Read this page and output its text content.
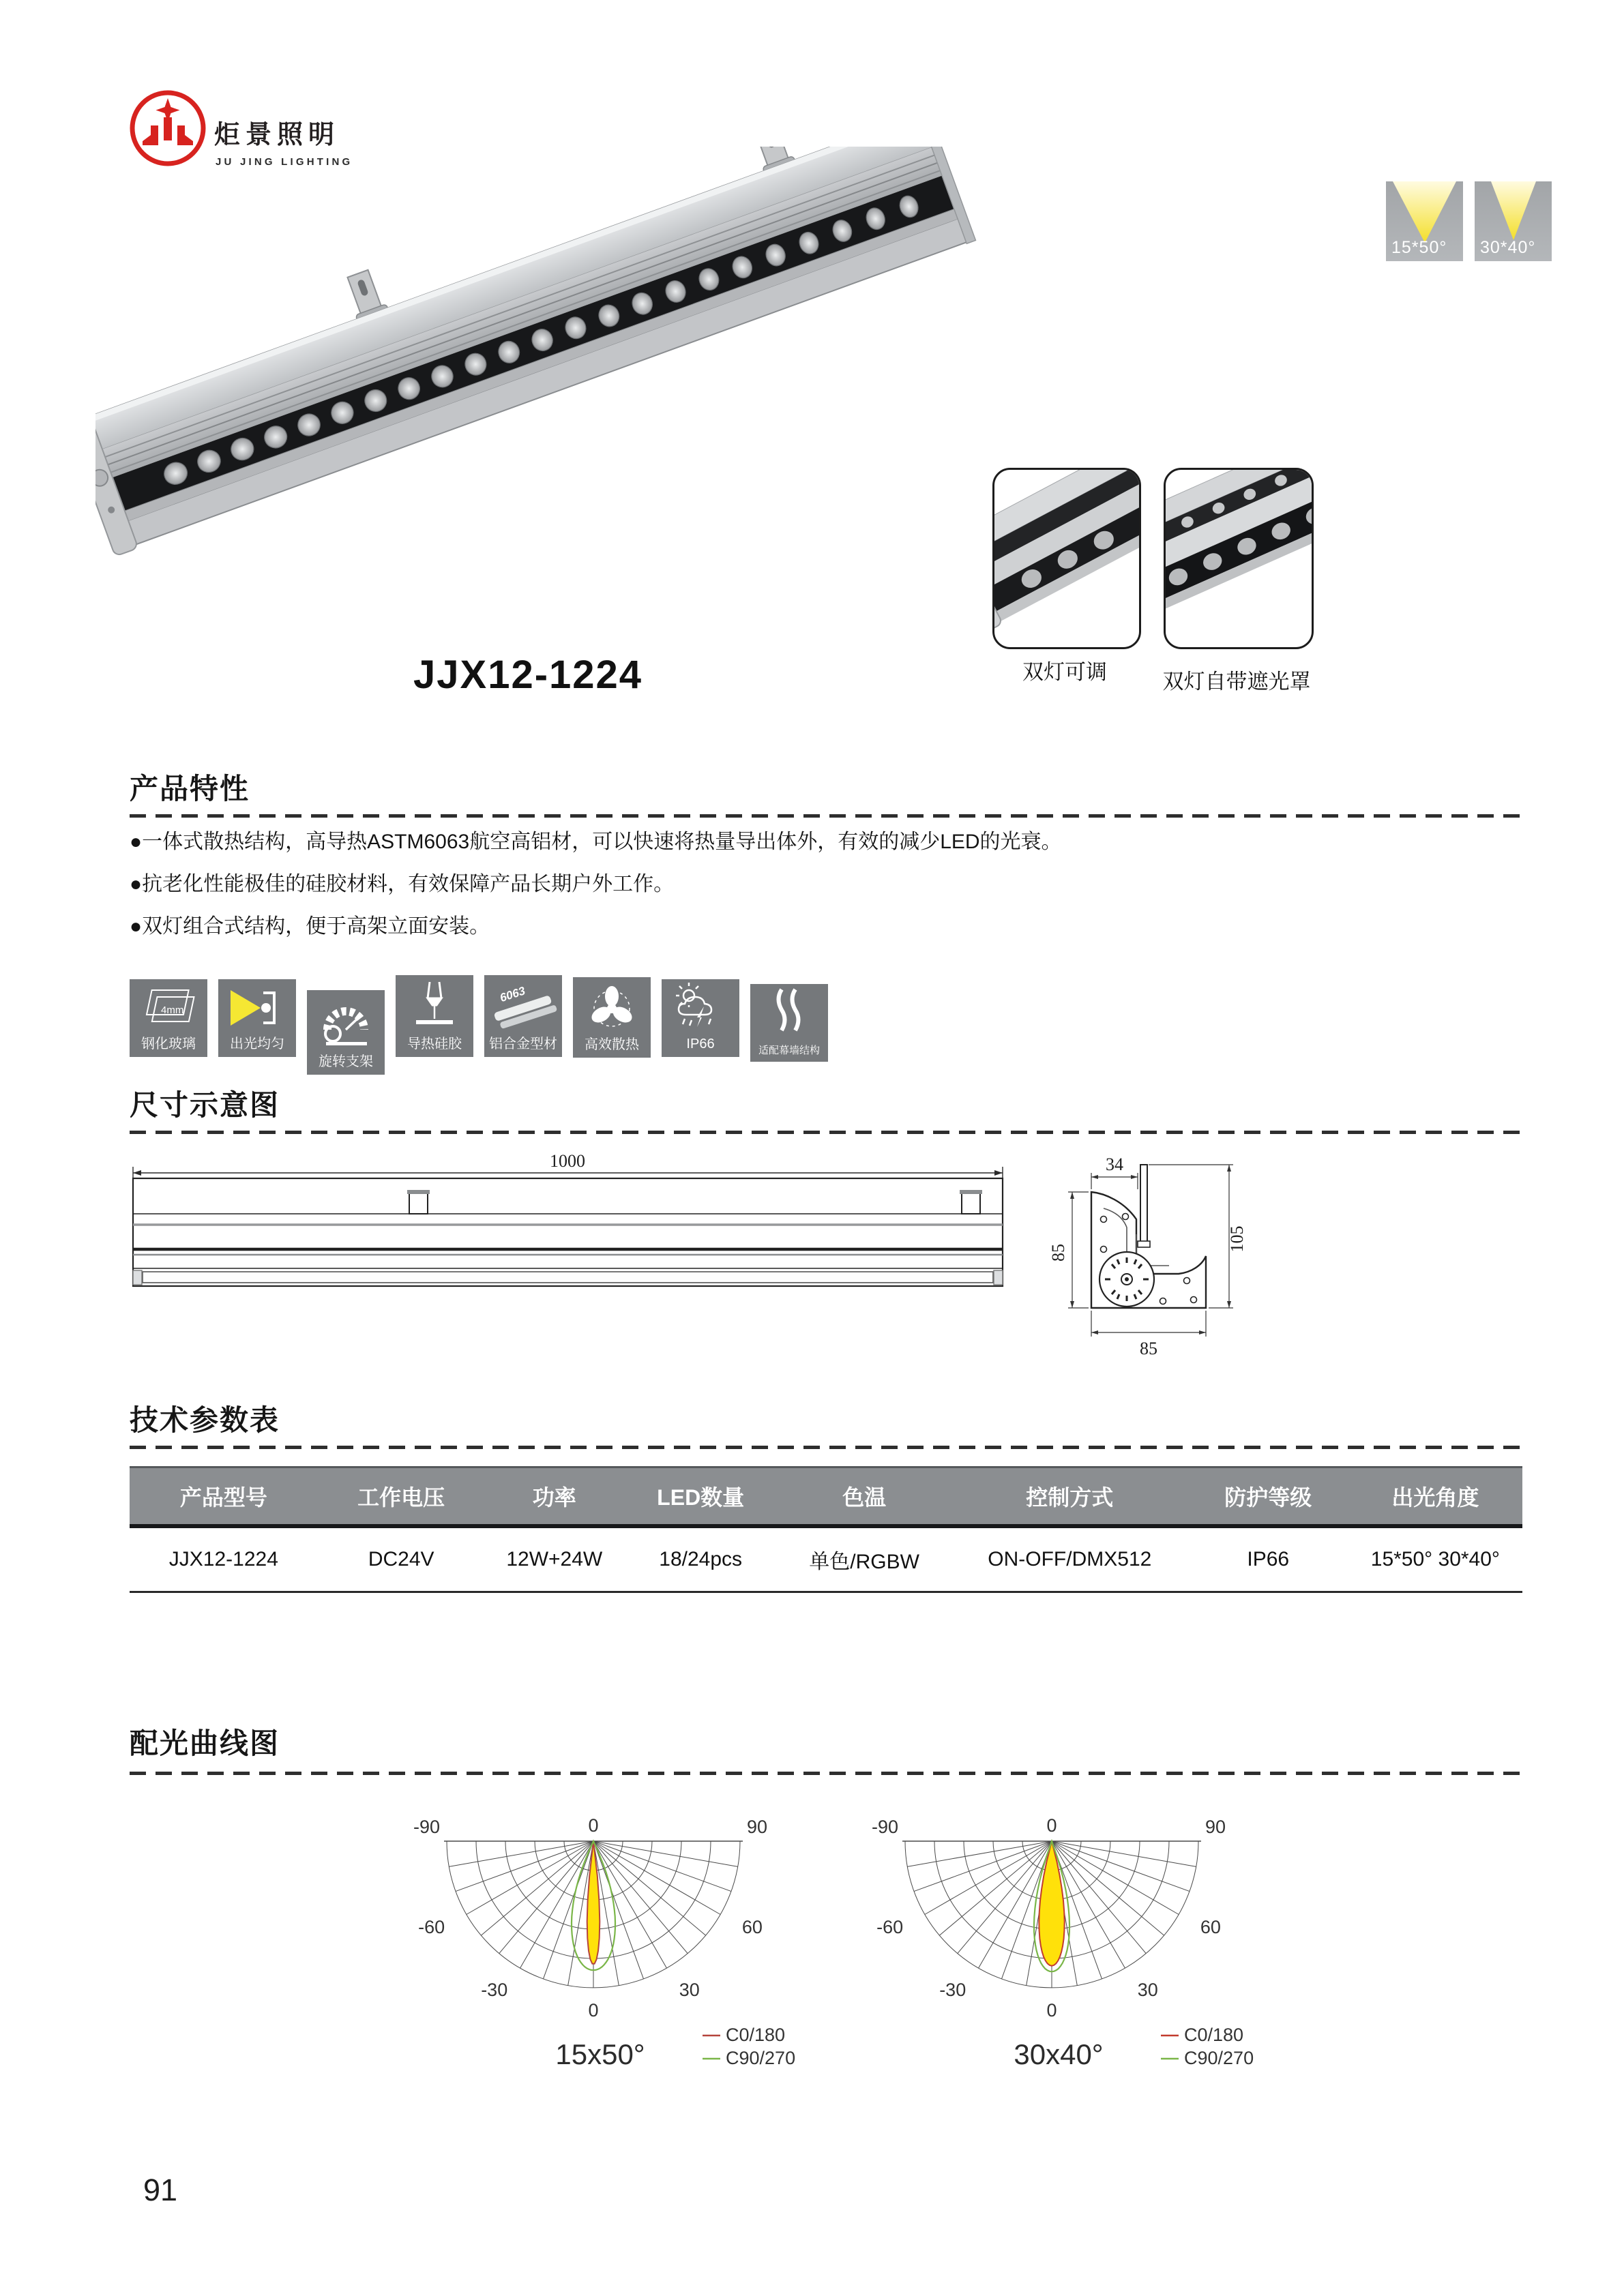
炬景照明
JU JING LIGHTING
15*50° 30*40°
双灯可调	双灯自带遮光罩
JJX12-1224
产品特性
●一体式散热结构，高导热ASTM6063航空高铝材，可以快速将热量导出体外，有效的减少LED的光衰。
●抗老化性能极佳的硅胶材料，有效保障产品长期户外工作。
●双灯组合式结构，便于高架立面安装。
4mm
钢化玻璃	出光均匀
旋转支架
导热硅胶
6063
铝合金型材	高效散热	IP66	适配幕墙结构
尺寸示意图
1000	34
85
105
85
技术参数表
产品型号	工作电压	功率	LED数量	色温	控制方式	防护等级	出光角度
JJX12-1224	DC24V	12W+24W	18/24pcs	单色/RGBW	ON-OFF/DMX512	IP66	15*50° 30*40°
配光曲线图
-90
-60
-30
0
30
60
90
0
15x50°
C0/180
C90/270
-90
-60
-30
0
30
60
90
0
30x40°
C0/180
C90/270
91
